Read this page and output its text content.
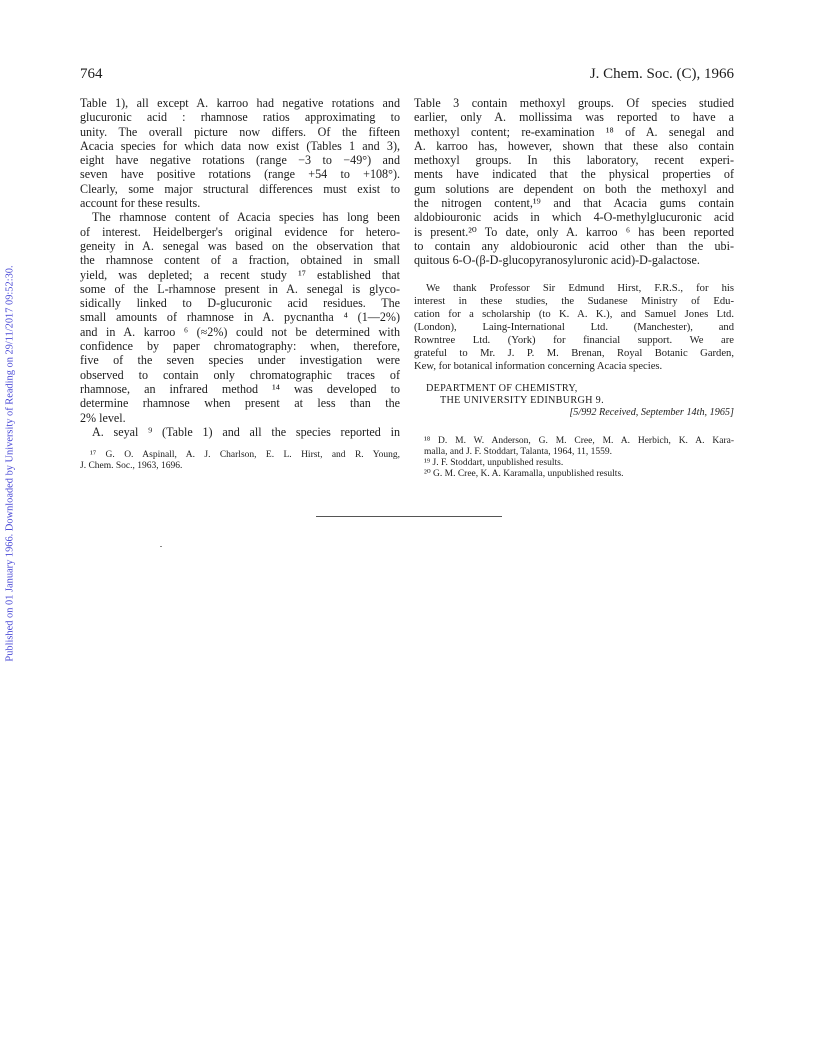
Published on 01 January 1966. Downloaded by University of Reading on 29/11/2017 09:52:30.
764	J. Chem. Soc. (C), 1966
Table 1), all except A. karroo had negative rotations and
glucuronic acid : rhamnose ratios approximating to
unity. The overall picture now differs. Of the fifteen
Acacia species for which data now exist (Tables 1 and 3),
eight have negative rotations (range −3 to −49°) and
seven have positive rotations (range +54 to +108°).
Clearly, some major structural differences must exist to
account for these results.
The rhamnose content of Acacia species has long been
of interest. Heidelberger's original evidence for hetero-
geneity in A. senegal was based on the observation that
the rhamnose content of a fraction, obtained in small
yield, was depleted; a recent study ¹⁷ established that
some of the L-rhamnose present in A. senegal is glyco-
sidically linked to D-glucuronic acid residues. The
small amounts of rhamnose in A. pycnantha ⁴ (1—2%)
and in A. karroo ⁶ (≈2%) could not be determined with
confidence by paper chromatography: when, therefore,
five of the seven species under investigation were
observed to contain only chromatographic traces of
rhamnose, an infrared method ¹⁴ was developed to
determine rhamnose when present at less than the
2% level.
A. seyal ⁹ (Table 1) and all the species reported in
¹⁷ G. O. Aspinall, A. J. Charlson, E. L. Hirst, and R. Young,
J. Chem. Soc., 1963, 1696.
Table 3 contain methoxyl groups. Of species studied
earlier, only A. mollissima was reported to have a
methoxyl content; re-examination ¹⁸ of A. senegal and
A. karroo has, however, shown that these also contain
methoxyl groups. In this laboratory, recent experi-
ments have indicated that the physical properties of
gum solutions are dependent on both the methoxyl and
the nitrogen content,¹⁹ and that Acacia gums contain
aldobiouronic acids in which 4-O-methylglucuronic acid
is present.²⁰ To date, only A. karroo ⁶ has been reported
to contain any aldobiouronic acid other than the ubi-
quitous 6-O-(β-D-glucopyranosyluronic acid)-D-galactose.
We thank Professor Sir Edmund Hirst, F.R.S., for his
interest in these studies, the Sudanese Ministry of Edu-
cation for a scholarship (to K. A. K.), and Samuel Jones Ltd.
(London), Laing-International Ltd. (Manchester), and
Rowntree Ltd. (York) for financial support. We are
grateful to Mr. J. P. M. Brenan, Royal Botanic Garden,
Kew, for botanical information concerning Acacia species.
DEPARTMENT OF CHEMISTRY,
THE UNIVERSITY EDINBURGH 9.
[5/992 Received, September 14th, 1965]
¹⁸ D. M. W. Anderson, G. M. Cree, M. A. Herbich, K. A. Kara-
malla, and J. F. Stoddart, Talanta, 1964, 11, 1559.
¹⁹ J. F. Stoddart, unpublished results.
²⁰ G. M. Cree, K. A. Karamalla, unpublished results.
